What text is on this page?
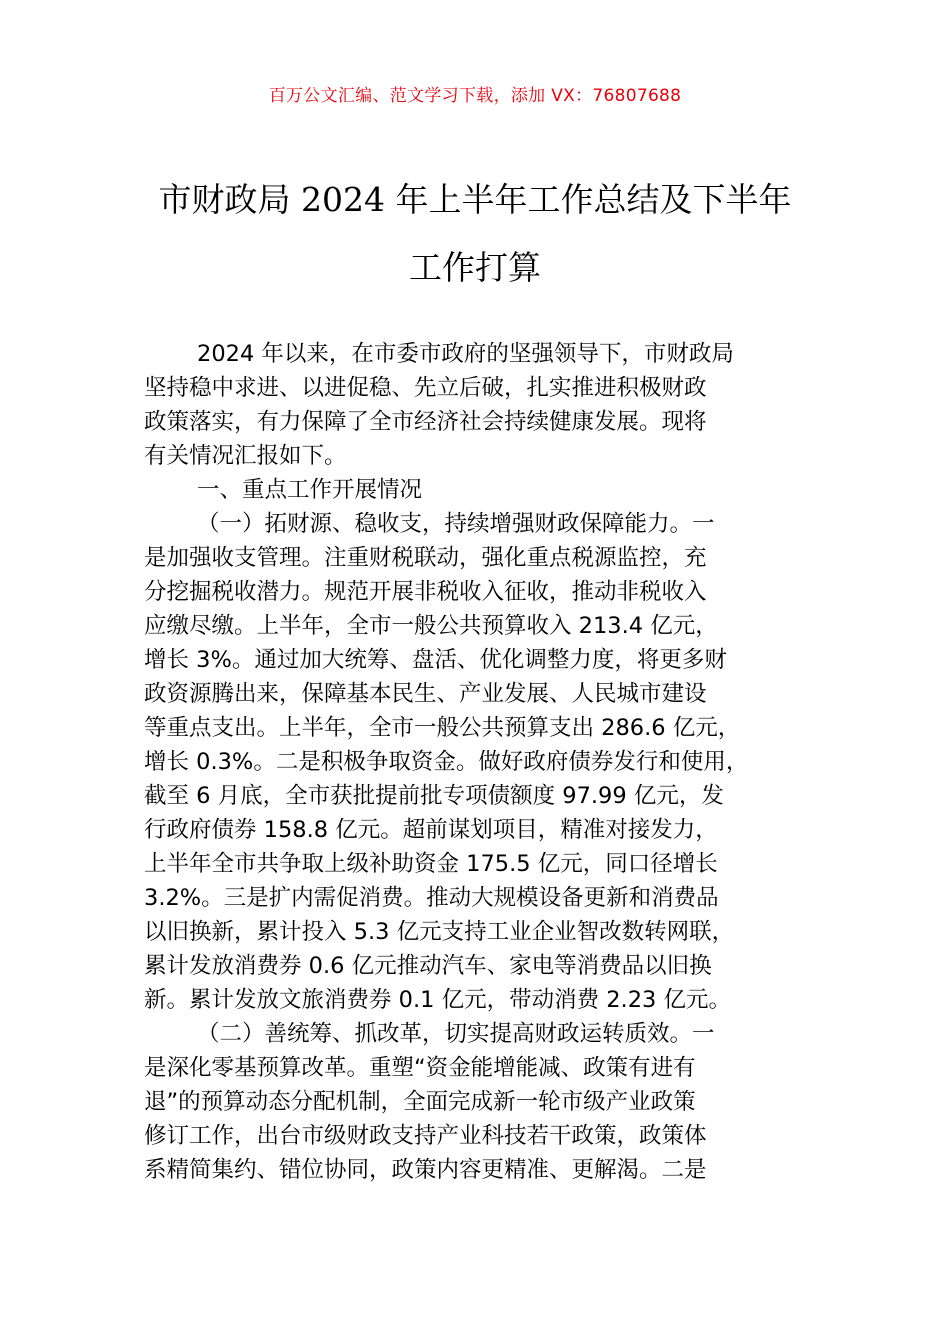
百万公文汇编、范文学习下载，添加 VX：76807688
市财政局 2024 年上半年工作总结及下半年
工作打算
2024 年以来，在市委市政府的坚强领导下，市财政局
坚持稳中求进、以进促稳、先立后破，扎实推进积极财政
政策落实，有力保障了全市经济社会持续健康发展。现将
有关情况汇报如下。
一、重点工作开展情况
（一）拓财源、稳收支，持续增强财政保障能力。一
是加强收支管理。注重财税联动，强化重点税源监控，充
分挖掘税收潜力。规范开展非税收入征收，推动非税收入
应缴尽缴。上半年，全市一般公共预算收入 213.4 亿元，
增长 3%。通过加大统筹、盘活、优化调整力度，将更多财
政资源腾出来，保障基本民生、产业发展、人民城市建设
等重点支出。上半年，全市一般公共预算支出 286.6 亿元，
增长 0.3%。二是积极争取资金。做好政府债券发行和使用，
截至 6 月底，全市获批提前批专项债额度 97.99 亿元，发
行政府债券 158.8 亿元。超前谋划项目，精准对接发力，
上半年全市共争取上级补助资金 175.5 亿元，同口径增长
3.2%。三是扩内需促消费。推动大规模设备更新和消费品
以旧换新，累计投入 5.3 亿元支持工业企业智改数转网联，
累计发放消费券 0.6 亿元推动汽车、家电等消费品以旧换
新。累计发放文旅消费券 0.1 亿元，带动消费 2.23 亿元。
（二）善统筹、抓改革，切实提高财政运转质效。一
是深化零基预算改革。重塑“资金能增能减、政策有进有
退”的预算动态分配机制，全面完成新一轮市级产业政策
修订工作，出台市级财政支持产业科技若干政策，政策体
系精简集约、错位协同，政策内容更精准、更解渴。二是
